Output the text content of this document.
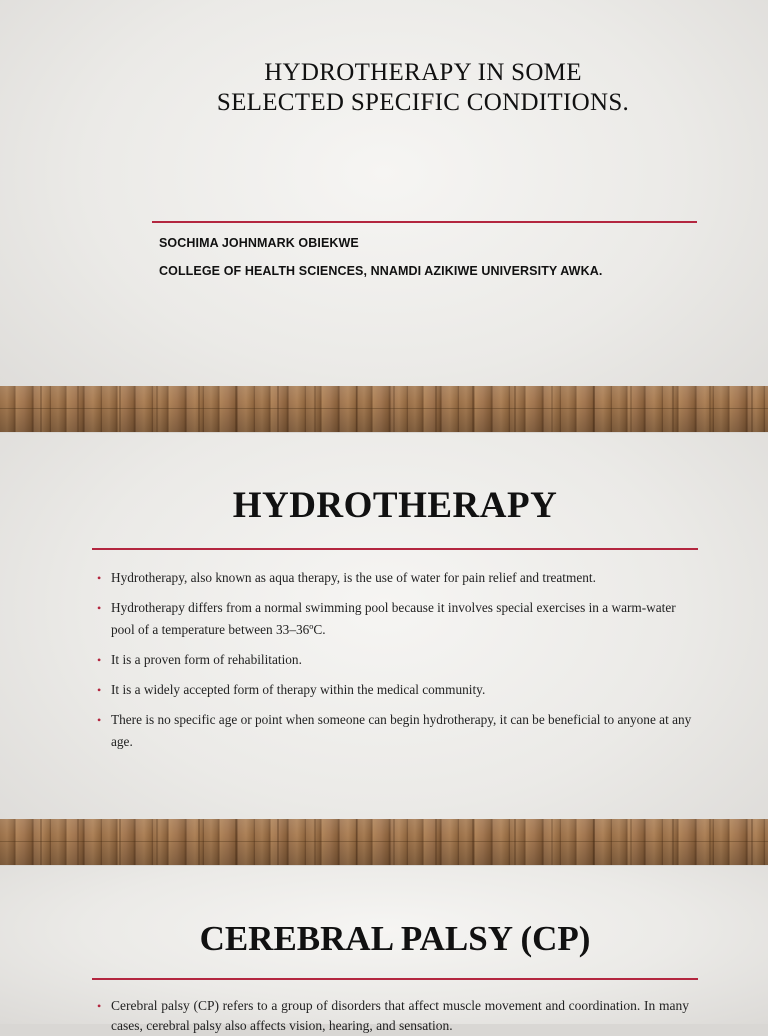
HYDROTHERAPY IN SOME
SELECTED SPECIFIC CONDITIONS.

SOCHIMA JOHNMARK OBIEKWE

COLLEGE OF HEALTH SCIENCES, NNAMDI AZIKIWE UNIVERSITY AWKA.

HYDROTHERAPY
• Hydrotherapy, also known as aqua therapy, is the use of water for pain relief and treatment.
• Hydrotherapy differs from a normal swimming pool because it involves special exercises in a warm-water pool of a temperature between 33–36ºC.
• It is a proven form of rehabilitation.
• It is a widely accepted form of therapy within the medical community.
• There is no specific age or point when someone can begin hydrotherapy, it can be beneficial to anyone at any age.
CEREBRAL PALSY (CP)
• Cerebral palsy (CP) refers to a group of disorders that affect muscle movement and coordination. In many cases, cerebral palsy also affects vision, hearing, and sensation.
